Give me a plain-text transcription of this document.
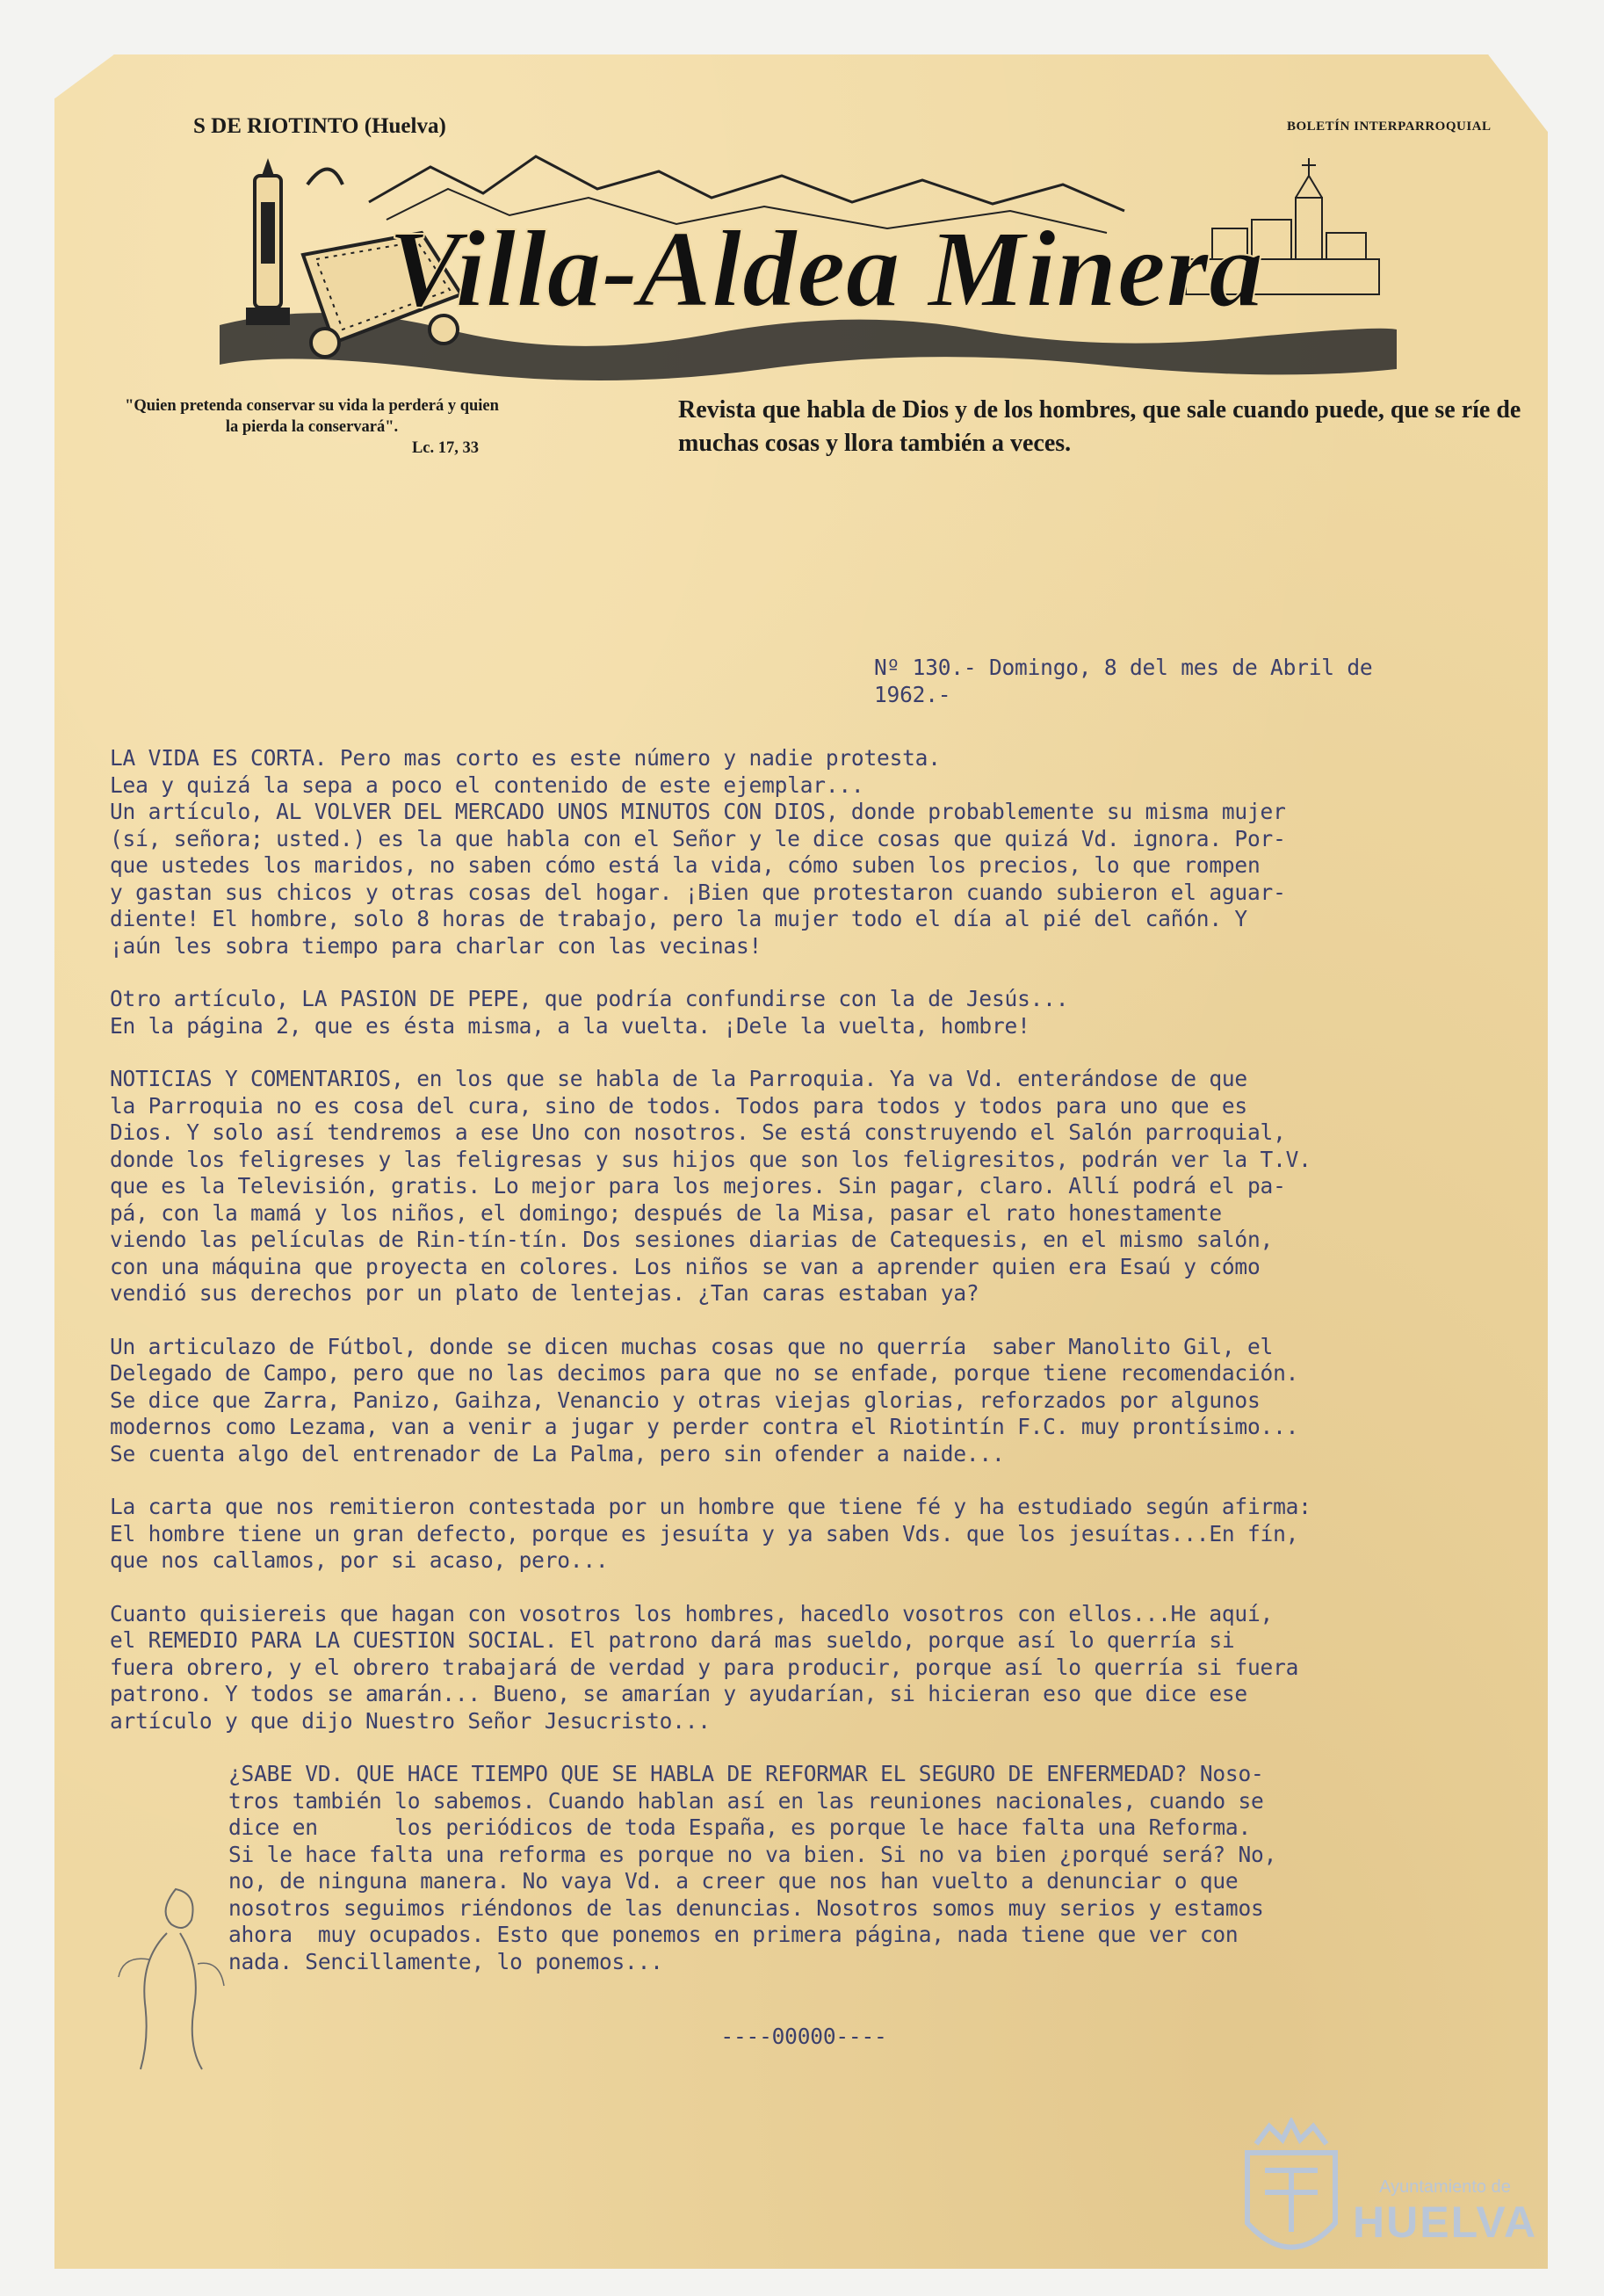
S DE RIOTINTO (Huelva)	BOLETÍN INTERPARROQUIAL
Villa-Aldea Minera
"Quien pretenda conservar su vida la perderá y quien la pierda la conservará".
Lc. 17, 33
Revista que habla de Dios y de los hombres, que sale cuando puede, que se ríe de muchas cosas y llora también a veces.
Nº 130.- Domingo, 8 del mes de Abril de
1962.-

LA VIDA ES CORTA. Pero mas corto es este número y nadie protesta.
Lea y quizá la sepa a poco el contenido de este ejemplar...
Un artículo, AL VOLVER DEL MERCADO UNOS MINUTOS CON DIOS, donde probablemente su misma mujer
(sí, señora; usted.) es la que habla con el Señor y le dice cosas que quizá Vd. ignora. Por-
que ustedes los maridos, no saben cómo está la vida, cómo suben los precios, lo que rompen
y gastan sus chicos y otras cosas del hogar. ¡Bien que protestaron cuando subieron el aguar-
diente! El hombre, solo 8 horas de trabajo, pero la mujer todo el día al pié del cañón. Y
¡aún les sobra tiempo para charlar con las vecinas!

Otro artículo, LA PASION DE PEPE, que podría confundirse con la de Jesús...
En la página 2, que es ésta misma, a la vuelta. ¡Dele la vuelta, hombre!

NOTICIAS Y COMENTARIOS, en los que se habla de la Parroquia. Ya va Vd. enterándose de que
la Parroquia no es cosa del cura, sino de todos. Todos para todos y todos para uno que es
Dios. Y solo así tendremos a ese Uno con nosotros. Se está construyendo el Salón parroquial,
donde los feligreses y las feligresas y sus hijos que son los feligresitos, podrán ver la T.V.
que es la Televisión, gratis. Lo mejor para los mejores. Sin pagar, claro. Allí podrá el pa-
pá, con la mamá y los niños, el domingo; después de la Misa, pasar el rato honestamente
viendo las películas de Rin-tín-tín. Dos sesiones diarias de Catequesis, en el mismo salón,
con una máquina que proyecta en colores. Los niños se van a aprender quien era Esaú y cómo
vendió sus derechos por un plato de lentejas. ¿Tan caras estaban ya?

Un articulazo de Fútbol, donde se dicen muchas cosas que no querría  saber Manolito Gil, el
Delegado de Campo, pero que no las decimos para que no se enfade, porque tiene recomendación.
Se dice que Zarra, Panizo, Gaihza, Venancio y otras viejas glorias, reforzados por algunos
modernos como Lezama, van a venir a jugar y perder contra el Riotintín F.C. muy prontísimo...
Se cuenta algo del entrenador de La Palma, pero sin ofender a naide...

La carta que nos remitieron contestada por un hombre que tiene fé y ha estudiado según afirma:
El hombre tiene un gran defecto, porque es jesuíta y ya saben Vds. que los jesuítas...En fín,
que nos callamos, por si acaso, pero...

Cuanto quisiereis que hagan con vosotros los hombres, hacedlo vosotros con ellos...He aquí,
el REMEDIO PARA LA CUESTION SOCIAL. El patrono dará mas sueldo, porque así lo querría si
fuera obrero, y el obrero trabajará de verdad y para producir, porque así lo querría si fuera
patrono. Y todos se amarán... Bueno, se amarían y ayudarían, si hicieran eso que dice ese
artículo y que dijo Nuestro Señor Jesucristo...

¿SABE VD. QUE HACE TIEMPO QUE SE HABLA DE REFORMAR EL SEGURO DE ENFERMEDAD? Noso-
tros también lo sabemos. Cuando hablan así en las reuniones nacionales, cuando se
dice en      los periódicos de toda España, es porque le hace falta una Reforma.
Si le hace falta una reforma es porque no va bien. Si no va bien ¿porqué será? No,
no, de ninguna manera. No vaya Vd. a creer que nos han vuelto a denunciar o que
nosotros seguimos riéndonos de las denuncias. Nosotros somos muy serios y estamos
ahora  muy ocupados. Esto que ponemos en primera página, nada tiene que ver con
nada. Sencillamente, lo ponemos...

----00000----
Ayuntamiento de
HUELVA
